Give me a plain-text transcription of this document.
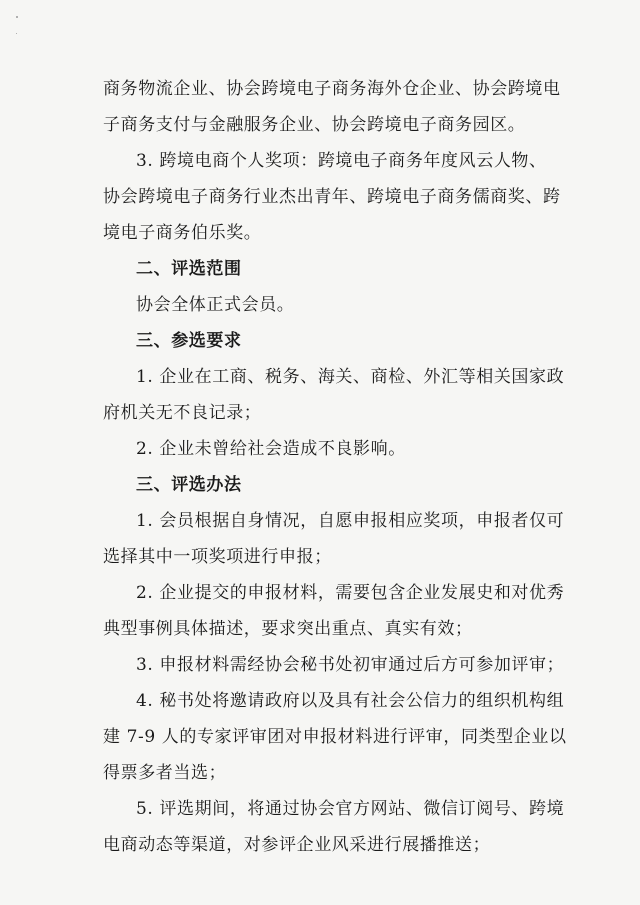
商务物流企业、协会跨境电子商务海外仓企业、协会跨境电
子商务支付与金融服务企业、协会跨境电子商务园区。
3. 跨境电商个人奖项：跨境电子商务年度风云人物、
协会跨境电子商务行业杰出青年、跨境电子商务儒商奖、跨
境电子商务伯乐奖。
二、评选范围
协会全体正式会员。
三、参选要求
1. 企业在工商、税务、海关、商检、外汇等相关国家政
府机关无不良记录；
2. 企业未曾给社会造成不良影响。
三、评选办法
1. 会员根据自身情况，自愿申报相应奖项，申报者仅可
选择其中一项奖项进行申报；
2. 企业提交的申报材料，需要包含企业发展史和对优秀
典型事例具体描述，要求突出重点、真实有效；
3. 申报材料需经协会秘书处初审通过后方可参加评审；
4. 秘书处将邀请政府以及具有社会公信力的组织机构组
建 7-9 人的专家评审团对申报材料进行评审，同类型企业以
得票多者当选；
5. 评选期间，将通过协会官方网站、微信订阅号、跨境
电商动态等渠道，对参评企业风采进行展播推送；
